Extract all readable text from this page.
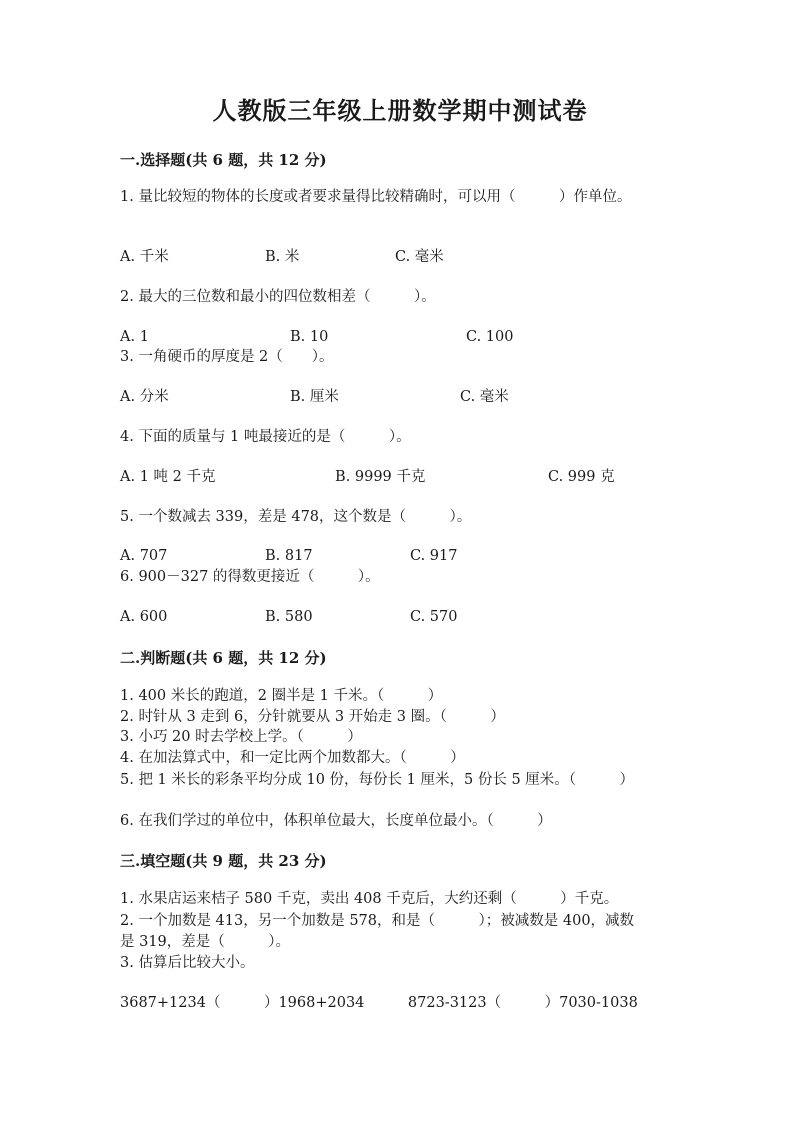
人教版三年级上册数学期中测试卷
一.选择题(共 6 题，共 12 分)
1. 量比较短的物体的长度或者要求量得比较精确时，可以用（　　　）作单位。
A. 千米	B. 米	C. 毫米
2. 最大的三位数和最小的四位数相差（　　　）。
A. 1	B. 10	C. 100
3. 一角硬币的厚度是 2（　　）。
A. 分米	B. 厘米	C. 毫米
4. 下面的质量与 1 吨最接近的是（　　　）。
A. 1 吨 2 千克	B. 9999 千克	C. 999 克
5. 一个数减去 339，差是 478，这个数是（　　　）。
A. 707	B. 817	C. 917
6. 900－327 的得数更接近（　　　）。
A. 600	B. 580	C. 570
二.判断题(共 6 题，共 12 分)
1. 400 米长的跑道，2 圈半是 1 千米。（　　　）
2. 时针从 3 走到 6，分针就要从 3 开始走 3 圈。（　　　）
3. 小巧 20 时去学校上学。（　　　）
4. 在加法算式中，和一定比两个加数都大。（　　　）
5. 把 1 米长的彩条平均分成 10 份，每份长 1 厘米，5 份长 5 厘米。（　　　）
6. 在我们学过的单位中，体积单位最大，长度单位最小。（　　　）
三.填空题(共 9 题，共 23 分)
1. 水果店运来桔子 580 千克，卖出 408 千克后，大约还剩（　　　）千克。
2. 一个加数是 413，另一个加数是 578，和是（　　　）；被减数是 400，减数
是 319，差是（　　　）。
3. 估算后比较大小。
3687+1234（　　　）1968+2034　　　8723-3123（　　　）7030-1038
